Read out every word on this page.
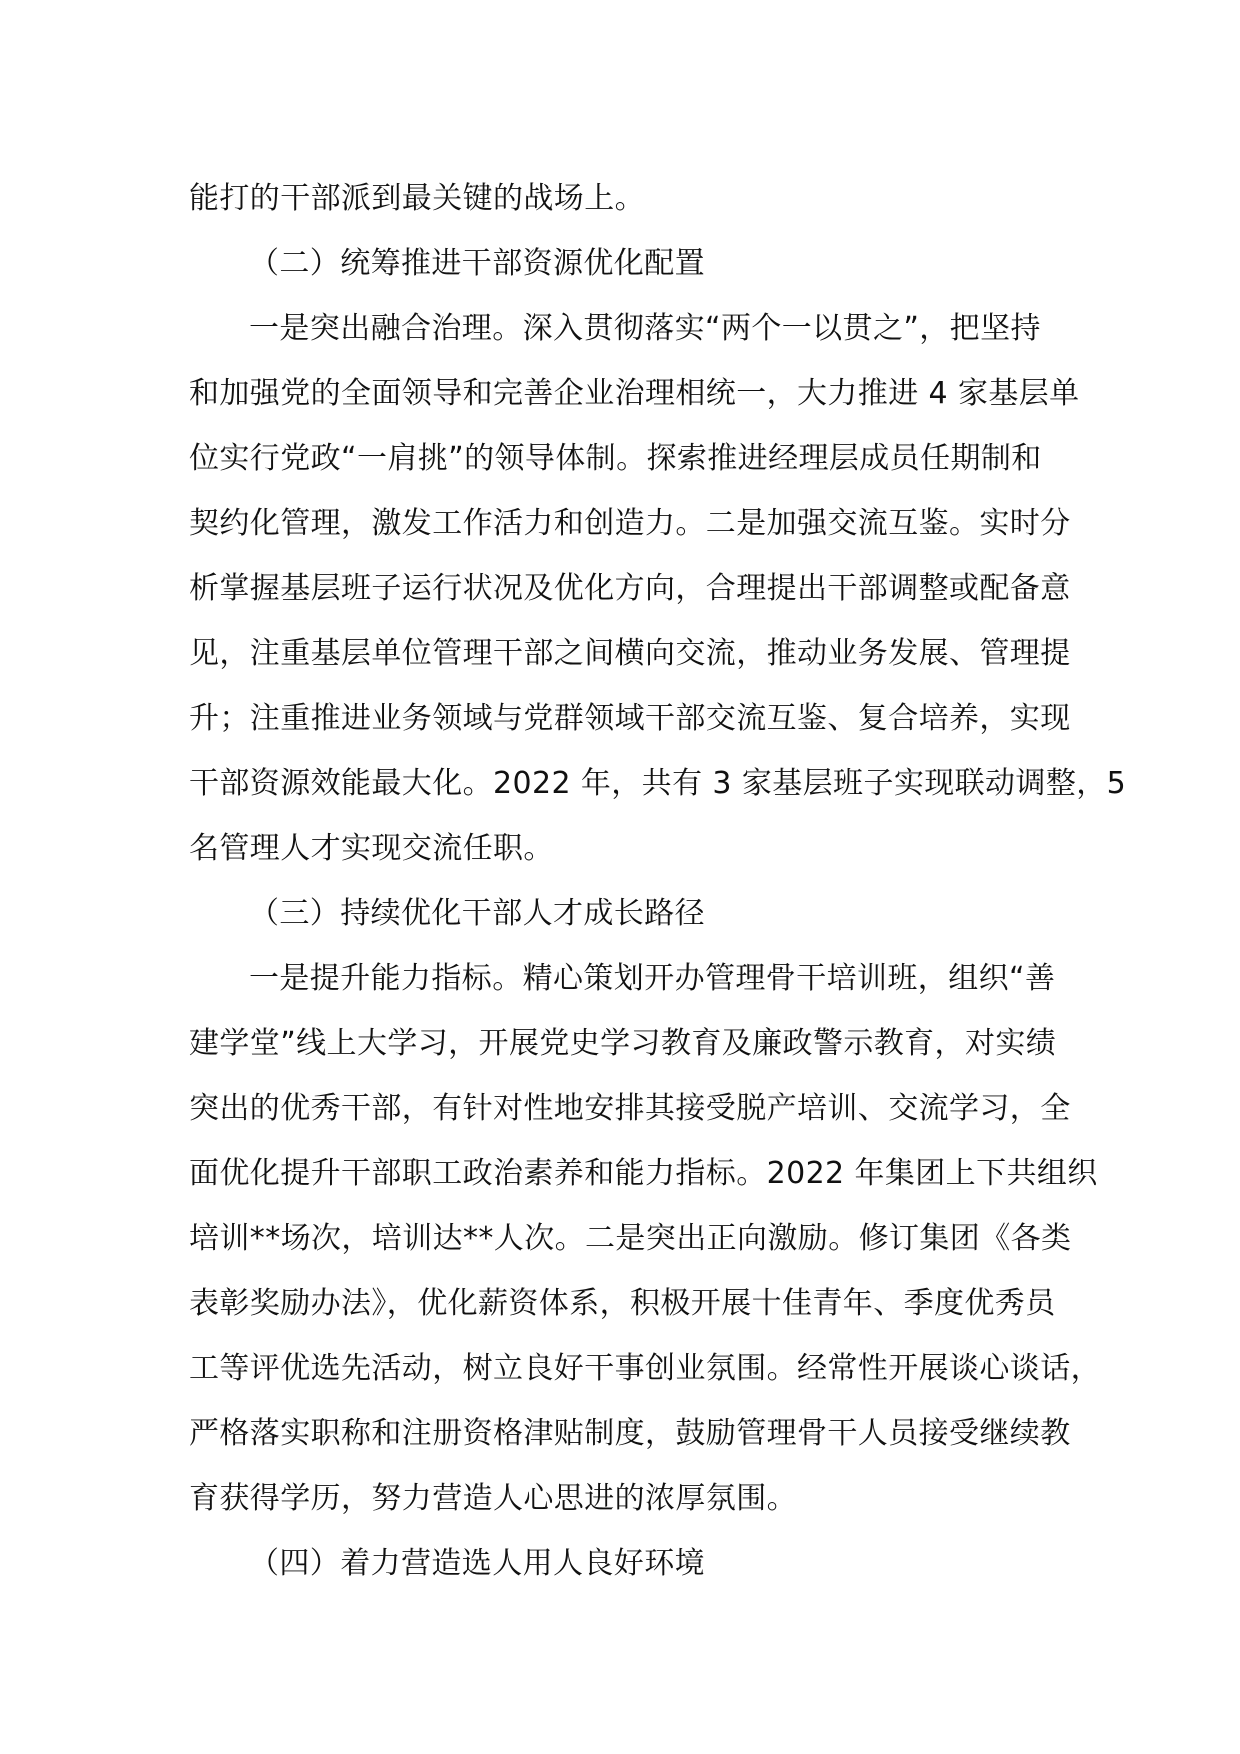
能打的干部派到最关键的战场上。
（二）统筹推进干部资源优化配置
一是突出融合治理。深入贯彻落实“两个一以贯之”，把坚持
和加强党的全面领导和完善企业治理相统一，大力推进 4 家基层单
位实行党政“一肩挑”的领导体制。探索推进经理层成员任期制和
契约化管理，激发工作活力和创造力。二是加强交流互鉴。实时分
析掌握基层班子运行状况及优化方向，合理提出干部调整或配备意
见，注重基层单位管理干部之间横向交流，推动业务发展、管理提
升；注重推进业务领域与党群领域干部交流互鉴、复合培养，实现
干部资源效能最大化。2022 年，共有 3 家基层班子实现联动调整，5
名管理人才实现交流任职。
（三）持续优化干部人才成长路径
一是提升能力指标。精心策划开办管理骨干培训班，组织“善
建学堂”线上大学习，开展党史学习教育及廉政警示教育，对实绩
突出的优秀干部，有针对性地安排其接受脱产培训、交流学习，全
面优化提升干部职工政治素养和能力指标。2022 年集团上下共组织
培训**场次，培训达**人次。二是突出正向激励。修订集团《各类
表彰奖励办法》，优化薪资体系，积极开展十佳青年、季度优秀员
工等评优选先活动，树立良好干事创业氛围。经常性开展谈心谈话，
严格落实职称和注册资格津贴制度，鼓励管理骨干人员接受继续教
育获得学历，努力营造人心思进的浓厚氛围。
（四）着力营造选人用人良好环境
